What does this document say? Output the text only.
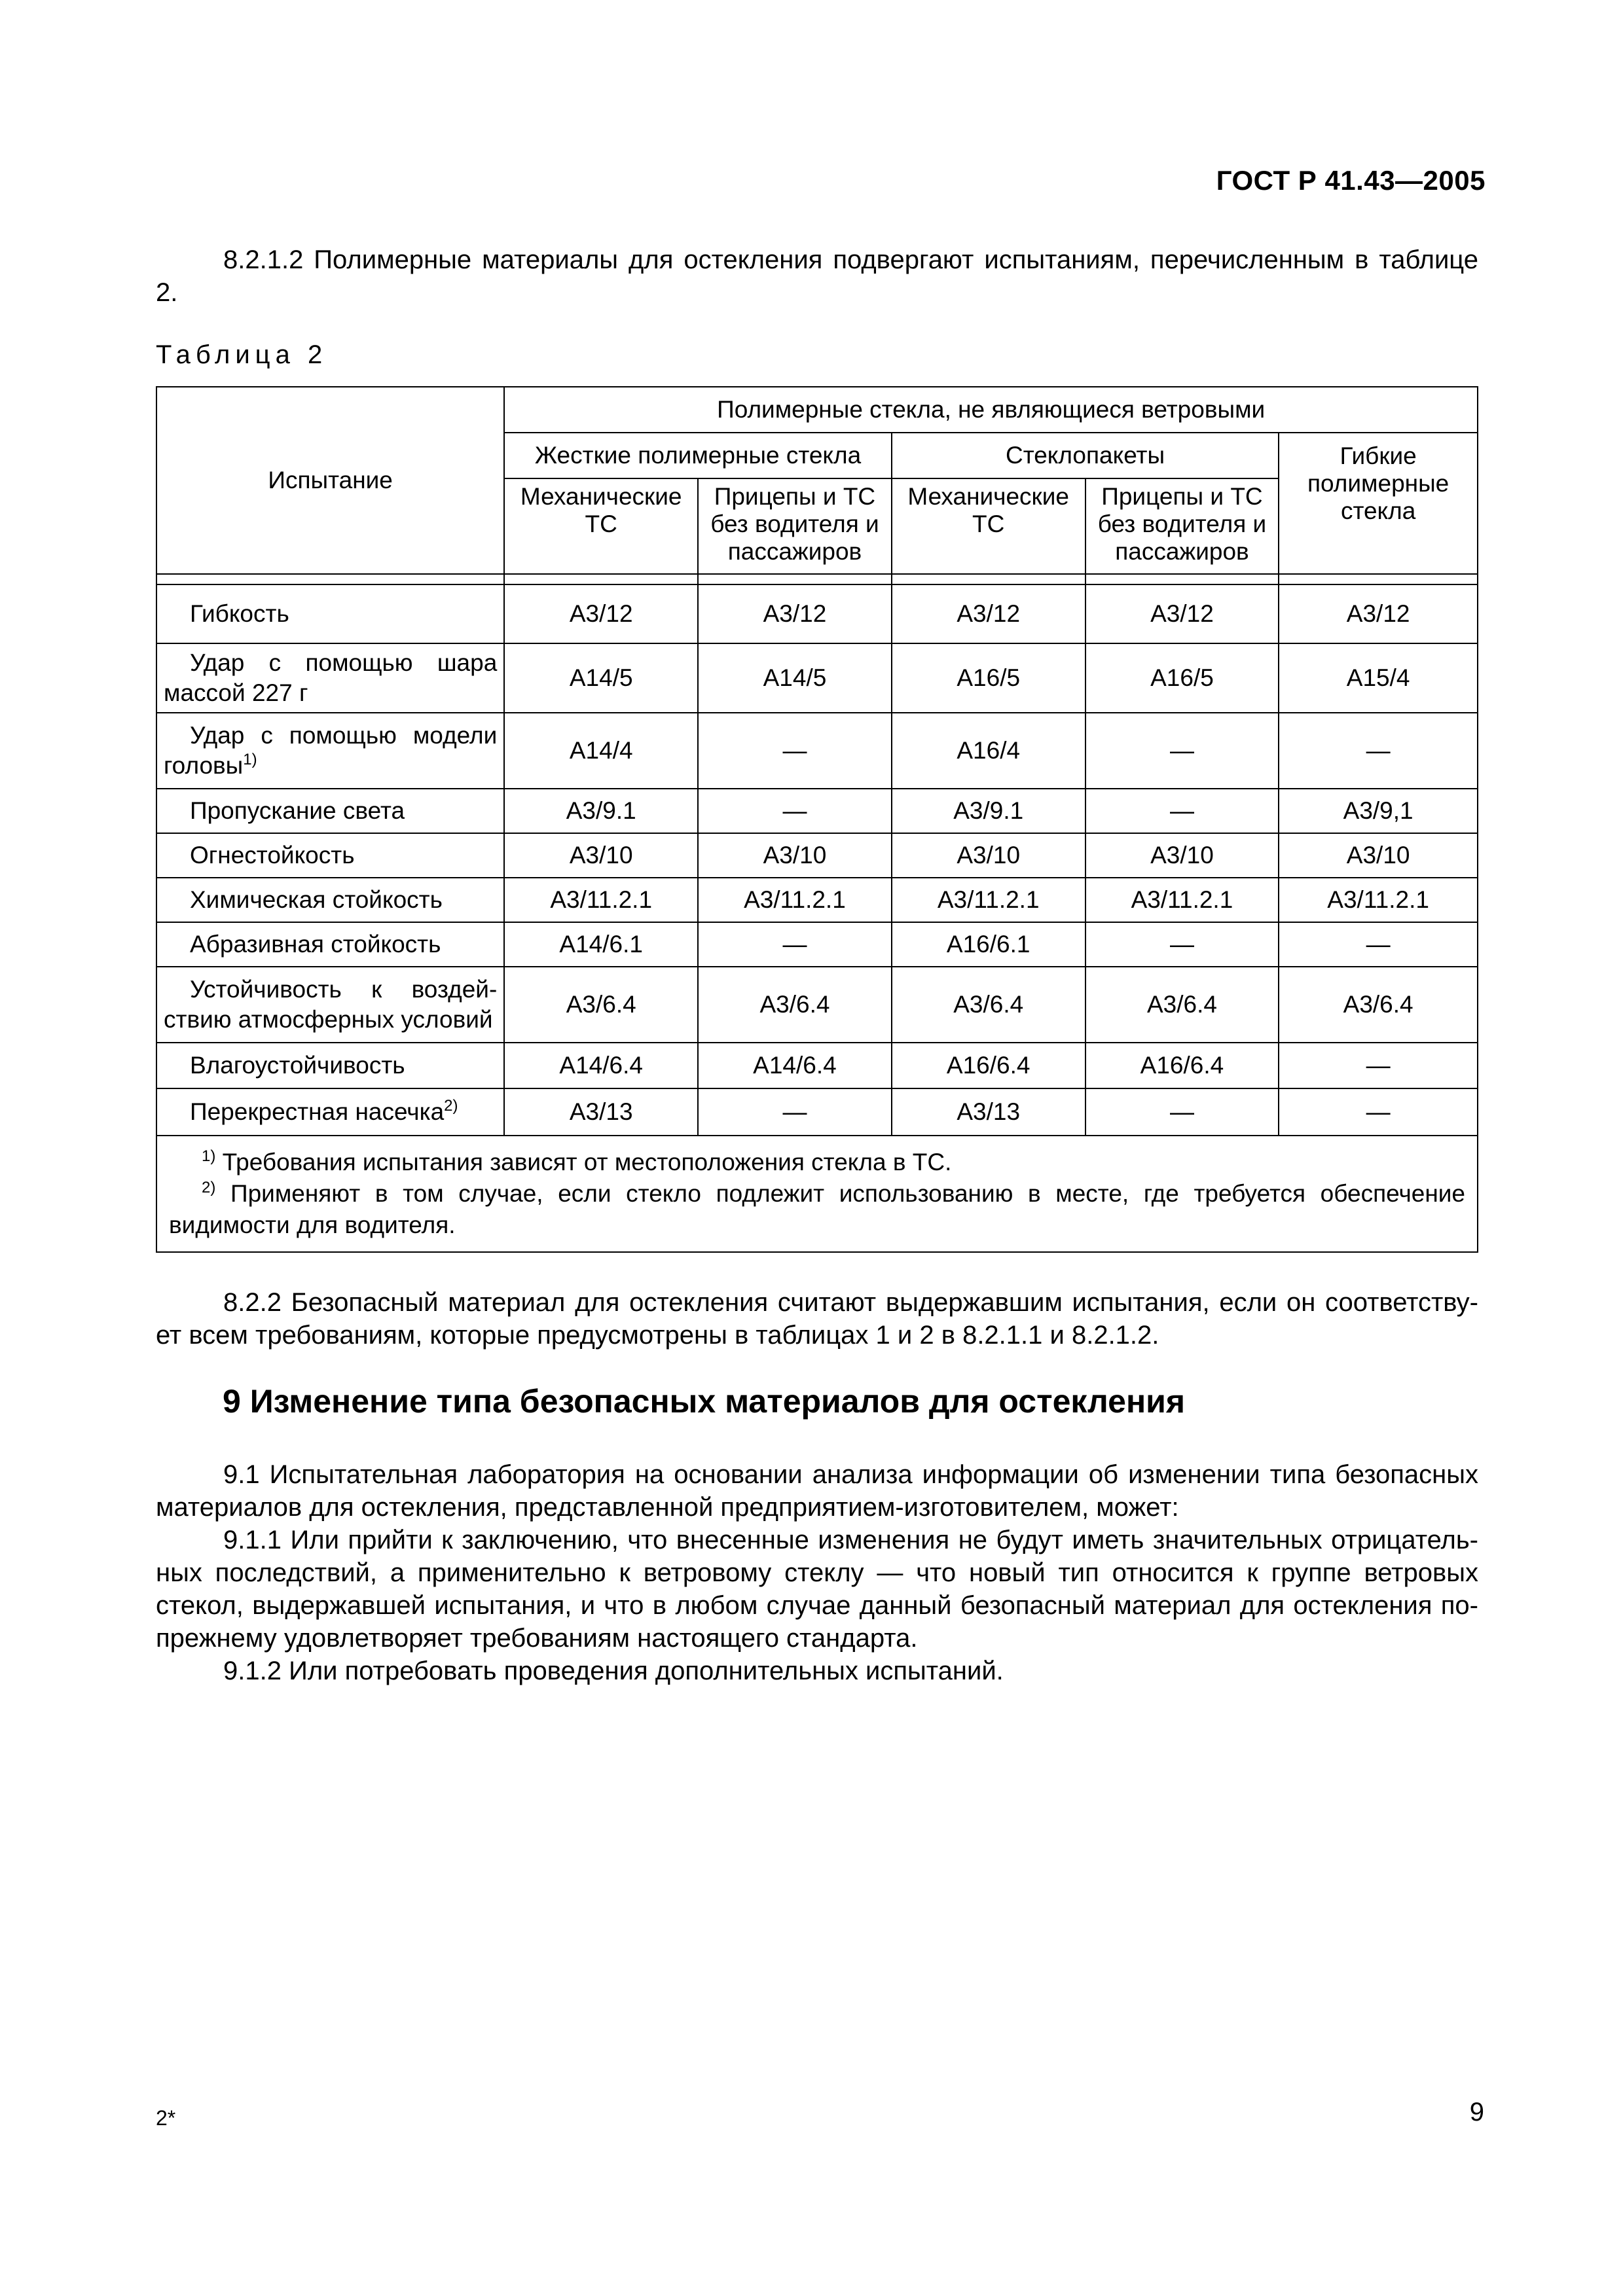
ГОСТ Р 41.43—2005
8.2.1.2 Полимерные материалы для остекления подвергают испытаниям, перечисленным в таблице 2.
Таблица 2
Испытание	Полимерные стекла, не являющиеся ветровыми				
	Жесткие полимерные стекла		Стеклопакеты		Гибкие полимерные стекла
	Механические ТС	Прицепы и ТС без водителя и пассажиров	Механические ТС	Прицепы и ТС без водителя и пассажиров	

Гибкость	A3/12	A3/12	A3/12	A3/12	A3/12
Удар с помощью шара массой 227 г	A14/5	A14/5	A16/5	A16/5	A15/4
Удар с помощью модели головы$^{1)}$	A14/4	—	A16/4	—	—
Пропускание света	A3/9.1	—	A3/9.1	—	A3/9,1
Огнестойкость	A3/10	A3/10	A3/10	A3/10	A3/10
Химическая стойкость	A3/11.2.1	A3/11.2.1	A3/11.2.1	A3/11.2.1	A3/11.2.1
Абразивная стойкость	A14/6.1	—	A16/6.1	—	—
Устойчивость к воздей-ствию атмосферных условий	A3/6.4	A3/6.4	A3/6.4	A3/6.4	A3/6.4
Влагоустойчивость	A14/6.4	A14/6.4	A16/6.4	A16/6.4	—
Перекрестная насечка$^{2)}$	A3/13	—	A3/13	—	—

$^{1)}$ Требования испытания зависят от местоположения стекла в ТС.
$^{2)}$ Применяют в том случае, если стекло подлежит использованию в месте, где требуется обеспечение видимости для водителя.					
8.2.2 Безопасный материал для остекления считают выдержавшим испытания, если он соответству-ет всем требованиям, которые предусмотрены в таблицах 1 и 2 в 8.2.1.1 и 8.2.1.2.
9 Изменение типа безопасных материалов для остекления
9.1 Испытательная лаборатория на основании анализа информации об изменении типа безопасных материалов для остекления, представленной предприятием-изготовителем, может:
9.1.1 Или прийти к заключению, что внесенные изменения не будут иметь значительных отрицатель-ных последствий, а применительно к ветровому стеклу — что новый тип относится к группе ветровых стекол, выдержавшей испытания, и что в любом случае данный безопасный материал для остекления по-прежнему удовлетворяет требованиям настоящего стандарта.
9.1.2 Или потребовать проведения дополнительных испытаний.
2*	9
